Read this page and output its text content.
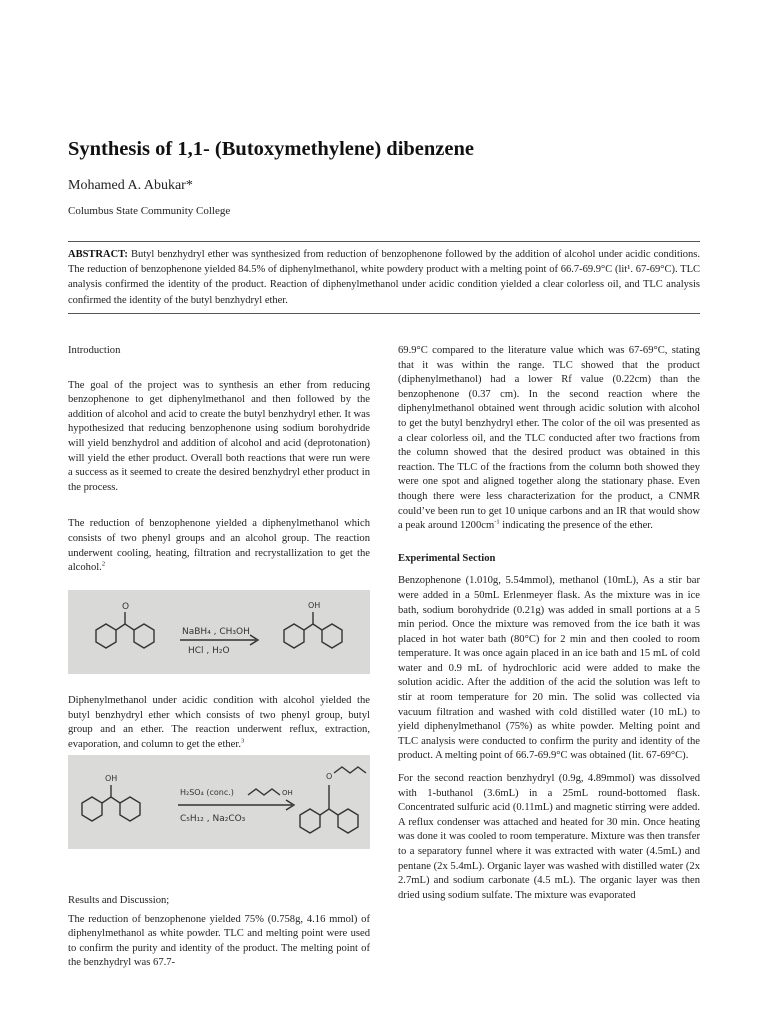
Synthesis of 1,1- (Butoxymethylene) dibenzene
Mohamed A. Abukar*
Columbus State Community College
ABSTRACT: Butyl benzhydryl ether was synthesized from reduction of benzophenone followed by the addition of alcohol under acidic conditions. The reduction of benzophenone yielded 84.5% of diphenylmethanol, white powdery product with a melting point of 66.7-69.9°C (lit¹. 67-69°C). TLC analysis confirmed the identity of the product. Reaction of diphenylmethanol under acidic condition yielded a clear colorless oil, and TLC analysis confirmed the identity of the butyl benzhydryl ether.

Introduction

The goal of the project was to synthesis an ether from reducing benzophenone to get diphenylmethanol and then followed by the addition of alcohol and acid to create the butyl benzhydryl ether. It was hypothesized that reducing benzophenone using sodium borohydride will yield benzhydrol and addition of alcohol and acid (deprotonation) will yield the ether product. Overall both reactions that were run were a success as it seemed to create the desired benzhydryl ether product in the process.

The reduction of benzophenone yielded a diphenylmethanol which consists of two phenyl groups and an alcohol group. The reaction underwent cooling, heating, filtration and recrystallization to get the alcohol.$^2$

O
NaBH₄ , CH₃OH
HCl , H₂O
OH

Diphenylmethanol under acidic condition with alcohol yielded the butyl benzhydryl ether which consists of two phenyl group, butyl group and an ether. The reaction underwent reflux, extraction, evaporation, and column to get the ether.$^3$

OH
H₂SO₄ (conc.)	OH
C₅H₁₂ , Na₂CO₃
O

Results and Discussion;

The reduction of benzophenone yielded 75% (0.758g, 4.16 mmol) of diphenylmethanol as white powder. TLC and melting point were used to confirm the purity and identity of the product. The melting point of the benzhydryl was 67.7-

69.9°C compared to the literature value which was 67-69°C, stating that it was within the range. TLC showed that the product (diphenylmethanol) had a lower Rf value (0.22cm) than the benzophenone (0.37 cm). In the second reaction where the diphenylmethanol obtained went through acidic solution with alcohol to get the butyl benzhydryl ether. The color of the oil was presented as a clear colorless oil, and the TLC conducted after two fractions from the column showed that the desired product was obtained in this reaction. The TLC of the fractions from the column both showed they were one spot and aligned together along the stationary phase. Even though there were less characterization for the product, a CNMR could’ve been run to get 10 unique carbons and an IR that would show a peak around $1200cm^{-1}$ indicating the presence of the ether.

Experimental Section

Benzophenone (1.010g, 5.54mmol), methanol (10mL), As a stir bar were added in a 50mL Erlenmeyer flask. As the mixture was in ice bath, sodium borohydride (0.21g) was added in small portions at a 5 min period. Once the mixture was removed from the ice bath it was placed in hot water bath (80°C) for 2 min and then cooled to room temperature. It was once again placed in an ice bath and 15 mL of cold water and 0.9 mL of hydrochloric acid were added to make the solution acidic. After the addition of the acid the solution was left to stir at room temperature for 20 min. The solid was collected via vacuum filtration and washed with cold distilled water (10 mL) to yield diphenylmethanol (75%) as white powder. Melting point and TLC analysis were conducted to confirm the purity and identity of the product. A melting point of 66.7-69.9°C was obtained (lit. 67-69°C).

For the second reaction benzhydryl (0.9g, 4.89mmol) was dissolved with 1-buthanol (3.6mL) in a 25mL round-bottomed flask. Concentrated sulfuric acid (0.11mL) and magnetic stirring were added. A reflux condenser was attached and heated for 30 min. Once heating was done it was cooled to room temperature. Mixture was then transfer to a separatory funnel where it was extracted with water (4.5mL) and pentane (2x 5.4mL). Organic layer was washed with distilled water (2x 2.7mL) and sodium carbonate (4.5 mL). The organic layer was then dried using sodium sulfate. The mixture was evaporated
